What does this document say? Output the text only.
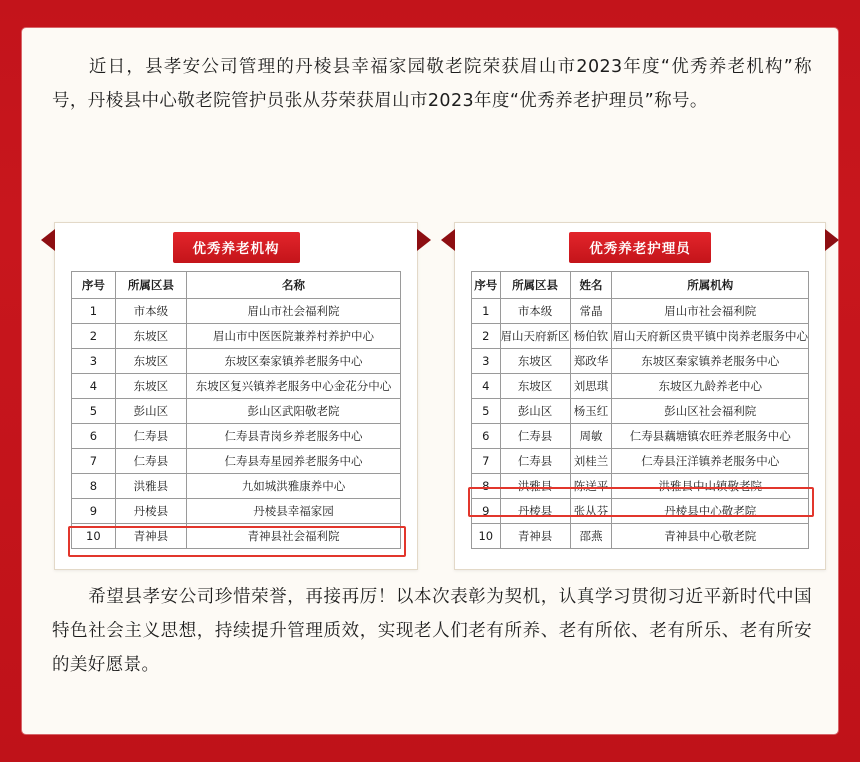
近日，县孝安公司管理的丹棱县幸福家园敬老院荣获眉山市2023年度“优秀养老机构”称号，丹棱县中心敬老院管护员张从芬荣获眉山市2023年度“优秀养老护理员”称号。
优秀养老机构
序号	所属区县	名称
1	市本级	眉山市社会福利院
2	东坡区	眉山市中医医院兼养村养护中心
3	东坡区	东坡区秦家镇养老服务中心
4	东坡区	东坡区复兴镇养老服务中心金花分中心
5	彭山区	彭山区武阳敬老院
6	仁寿县	仁寿县青岗乡养老服务中心
7	仁寿县	仁寿县寿星园养老服务中心
8	洪雅县	九如城洪雅康养中心
9	丹棱县	丹棱县幸福家园
10	青神县	青神县社会福利院
优秀养老护理员
序号	所属区县	姓名	所属机构
1	市本级	常晶	眉山市社会福利院
2	眉山天府新区	杨伯钦	眉山天府新区贵平镇中岗养老服务中心
3	东坡区	郑政华	东坡区秦家镇养老服务中心
4	东坡区	刘思琪	东坡区九龄养老中心
5	彭山区	杨玉红	彭山区社会福利院
6	仁寿县	周敏	仁寿县藕塘镇农旺养老服务中心
7	仁寿县	刘桂兰	仁寿县汪洋镇养老服务中心
8	洪雅县	陈送平	洪雅县中山镇敬老院
9	丹棱县	张从芬	丹棱县中心敬老院
10	青神县	邵燕	青神县中心敬老院
希望县孝安公司珍惜荣誉，再接再厉！以本次表彰为契机，认真学习贯彻习近平新时代中国特色社会主义思想，持续提升管理质效，实现老人们老有所养、老有所依、老有所乐、老有所安的美好愿景。
